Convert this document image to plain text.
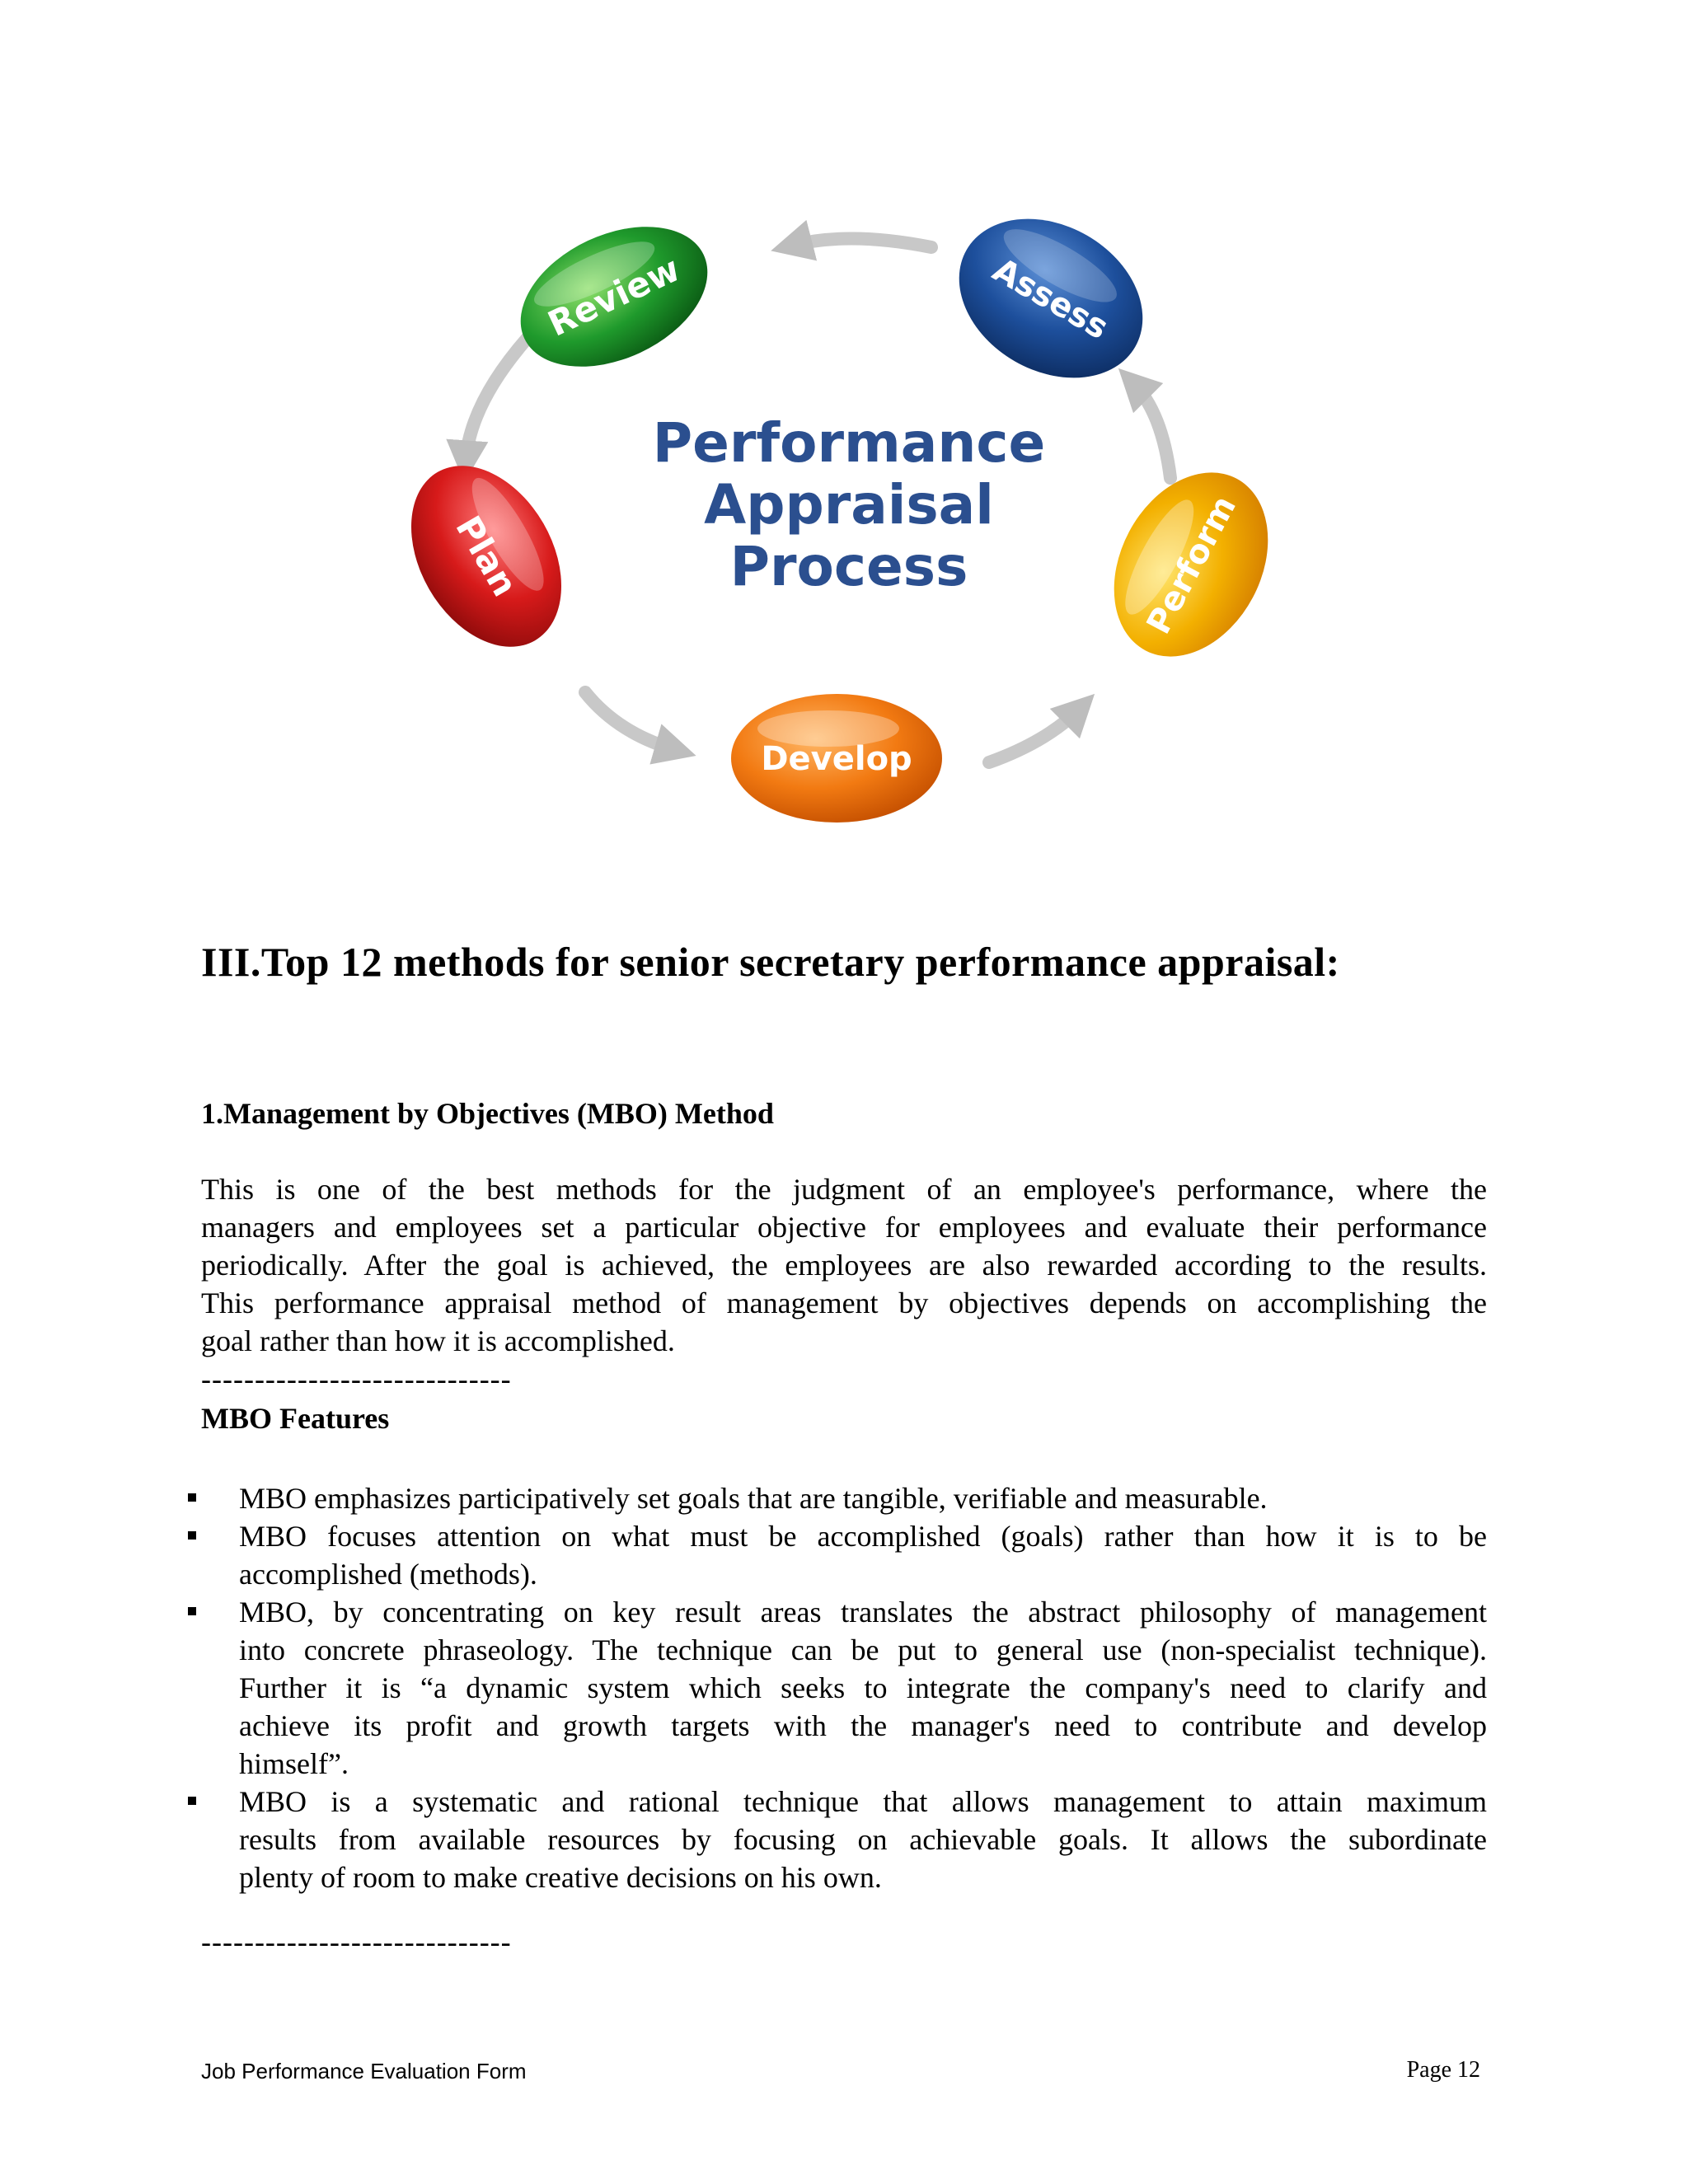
Performance
Appraisal
Process
Review	Assess
Perform
Develop
Plan
III.Top 12 methods for senior secretary performance appraisal:
1.Management by Objectives (MBO) Method
This is one of the best methods for the judgment of an employee's performance, where the
managers and employees set a particular objective for employees and evaluate their performance
periodically. After the goal is achieved, the employees are also rewarded according to the results.
This performance appraisal method of management by objectives depends on accomplishing the
goal rather than how it is accomplished.
-----------------------------
MBO Features
MBO emphasizes participatively set goals that are tangible, verifiable and measurable.
MBO focuses attention on what must be accomplished (goals) rather than how it is to be
accomplished (methods).
MBO, by concentrating on key result areas translates the abstract philosophy of management
into concrete phraseology. The technique can be put to general use (non-specialist technique).
Further it is “a dynamic system which seeks to integrate the company's need to clarify and
achieve its profit and growth targets with the manager's need to contribute and develop
himself”.
MBO is a systematic and rational technique that allows management to attain maximum
results from available resources by focusing on achievable goals. It allows the subordinate
plenty of room to make creative decisions on his own.
-----------------------------
Job Performance Evaluation Form	Page 12
